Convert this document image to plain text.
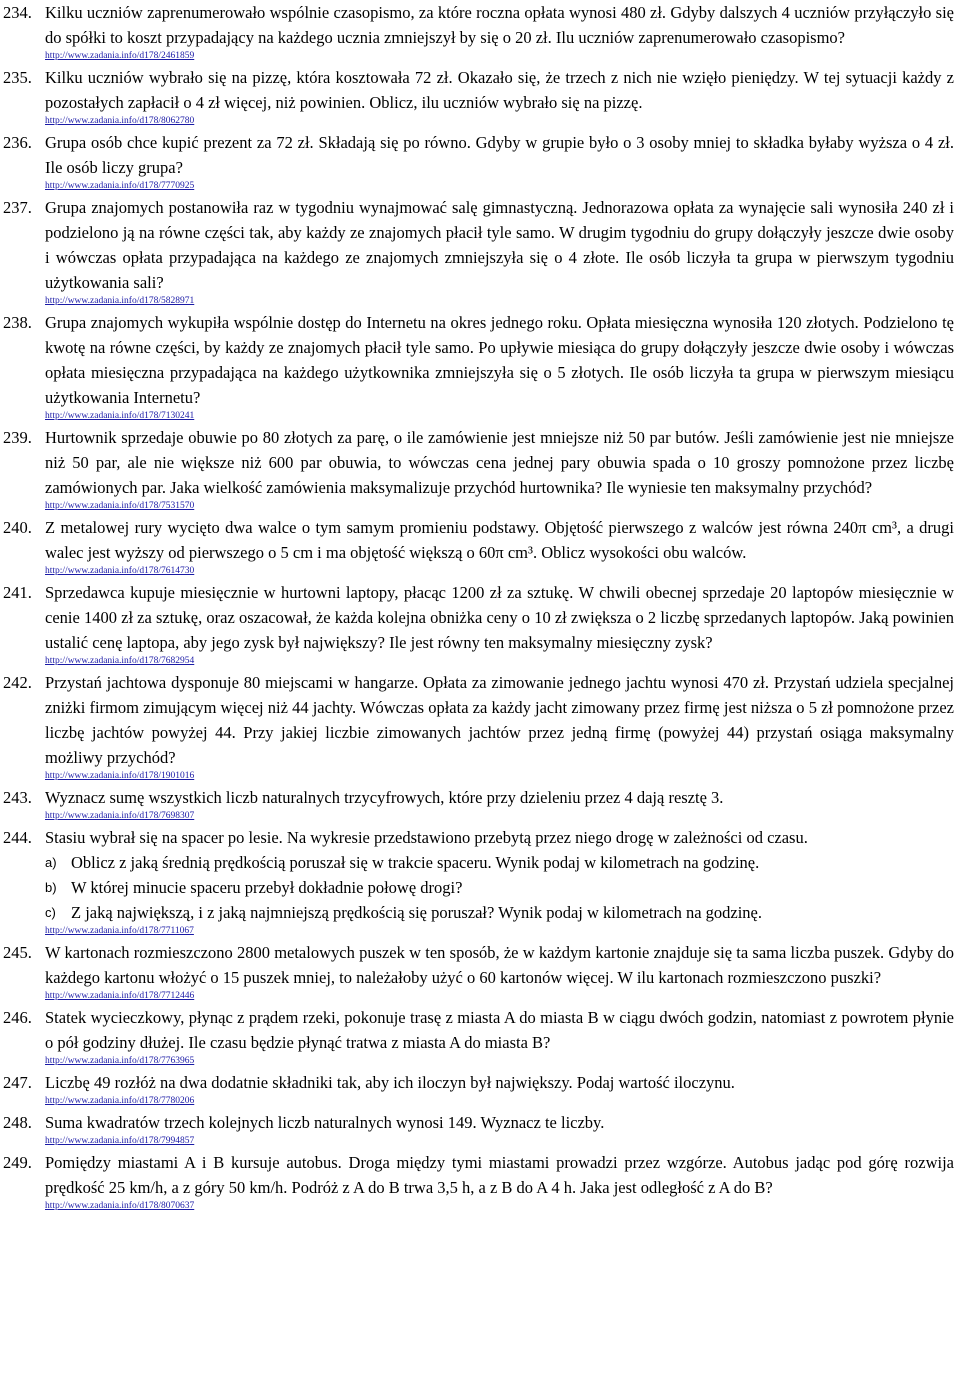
234. Kilku uczniów zaprenumerowało wspólnie czasopismo, za które roczna opłata wynosi 480 zł. Gdyby dalszych 4 uczniów przyłączyło się do spółki to koszt przypadający na każdego ucznia zmniejszył by się o 20 zł. Ilu uczniów zaprenumerowało czasopismo?

http://www.zadania.info/d178/2461859
235. Kilku uczniów wybrało się na pizzę, która kosztowała 72 zł. Okazało się, że trzech z nich nie wzięło pieniędzy. W tej sytuacji każdy z pozostałych zapłacił o 4 zł więcej, niż powinien. Oblicz, ilu uczniów wybrało się na pizzę.

http://www.zadania.info/d178/8062780
236. Grupa osób chce kupić prezent za 72 zł. Składają się po równo. Gdyby w grupie było o 3 osoby mniej to składka byłaby wyższa o 4 zł. Ile osób liczy grupa?

http://www.zadania.info/d178/7770925
237. Grupa znajomych postanowiła raz w tygodniu wynajmować salę gimnastyczną. Jednorazowa opłata za wynajęcie sali wynosiła 240 zł i podzielono ją na równe części tak, aby każdy ze znajomych płacił tyle samo. W drugim tygodniu do grupy dołączyły jeszcze dwie osoby i wówczas opłata przypadająca na każdego ze znajomych zmniejszyła się o 4 złote. Ile osób liczyła ta grupa w pierwszym tygodniu użytkowania sali?

http://www.zadania.info/d178/5828971
238. Grupa znajomych wykupiła wspólnie dostęp do Internetu na okres jednego roku. Opłata miesięczna wynosiła 120 złotych. Podzielono tę kwotę na równe części, by każdy ze znajomych płacił tyle samo. Po upływie miesiąca do grupy dołączyły jeszcze dwie osoby i wówczas opłata miesięczna przypadająca na każdego użytkownika zmniejszyła się o 5 złotych. Ile osób liczyła ta grupa w pierwszym miesiącu użytkowania Internetu?

http://www.zadania.info/d178/7130241
239. Hurtownik sprzedaje obuwie po 80 złotych za parę, o ile zamówienie jest mniejsze niż 50 par butów. Jeśli zamówienie jest nie mniejsze niż 50 par, ale nie większe niż 600 par obuwia, to wówczas cena jednej pary obuwia spada o 10 groszy pomnożone przez liczbę zamówionych par. Jaka wielkość zamówienia maksymalizuje przychód hurtownika? Ile wyniesie ten maksymalny przychód?

http://www.zadania.info/d178/7531570
240. Z metalowej rury wycięto dwa walce o tym samym promieniu podstawy. Objętość pierwszego z walców jest równa 240π cm³, a drugi walec jest wyższy od pierwszego o 5 cm i ma objętość większą o 60π cm³. Oblicz wysokości obu walców.

http://www.zadania.info/d178/7614730
241. Sprzedawca kupuje miesięcznie w hurtowni laptopy, płacąc 1200 zł za sztukę. W chwili obecnej sprzedaje 20 laptopów miesięcznie w cenie 1400 zł za sztukę, oraz oszacował, że każda kolejna obniżka ceny o 10 zł zwiększa o 2 liczbę sprzedanych laptopów. Jaką powinien ustalić cenę laptopa, aby jego zysk był największy? Ile jest równy ten maksymalny miesięczny zysk?

http://www.zadania.info/d178/7682954
242. Przystań jachtowa dysponuje 80 miejscami w hangarze. Opłata za zimowanie jednego jachtu wynosi 470 zł. Przystań udziela specjalnej zniżki firmom zimującym więcej niż 44 jachty. Wówczas opłata za każdy jacht zimowany przez firmę jest niższa o 5 zł pomnożone przez liczbę jachtów powyżej 44. Przy jakiej liczbie zimowanych jachtów przez jedną firmę (powyżej 44) przystań osiąga maksymalny możliwy przychód?

http://www.zadania.info/d178/1901016
243. Wyznacz sumę wszystkich liczb naturalnych trzycyfrowych, które przy dzieleniu przez 4 dają resztę 3.

http://www.zadania.info/d178/7698307
244. Stasiu wybrał się na spacer po lesie. Na wykresie przedstawiono przebytą przez niego drogę w zależności od czasu.

a) Oblicz z jaką średnią prędkością poruszał się w trakcie spaceru. Wynik podaj w kilometrach na godzinę.
b) W której minucie spaceru przebył dokładnie połowę drogi?
c) Z jaką największą, i z jaką najmniejszą prędkością się poruszał? Wynik podaj w kilometrach na godzinę.
http://www.zadania.info/d178/7711067
245. W kartonach rozmieszczono 2800 metalowych puszek w ten sposób, że w każdym kartonie znajduje się ta sama liczba puszek. Gdyby do każdego kartonu włożyć o 15 puszek mniej, to należałoby użyć o 60 kartonów więcej. W ilu kartonach rozmieszczono puszki?

http://www.zadania.info/d178/7712446
246. Statek wycieczkowy, płynąc z prądem rzeki, pokonuje trasę z miasta A do miasta B w ciągu dwóch godzin, natomiast z powrotem płynie o pół godziny dłużej. Ile czasu będzie płynąć tratwa z miasta A do miasta B?

http://www.zadania.info/d178/7763965
247. Liczbę 49 rozłóż na dwa dodatnie składniki tak, aby ich iloczyn był największy. Podaj wartość iloczynu.

http://www.zadania.info/d178/7780206
248. Suma kwadratów trzech kolejnych liczb naturalnych wynosi 149. Wyznacz te liczby.

http://www.zadania.info/d178/7994857
249. Pomiędzy miastami A i B kursuje autobus. Droga między tymi miastami prowadzi przez wzgórze. Autobus jadąc pod górę rozwija prędkość 25 km/h, a z góry 50 km/h. Podróż z A do B trwa 3,5 h, a z B do A 4 h. Jaka jest odległość z A do B?

http://www.zadania.info/d178/8070637
